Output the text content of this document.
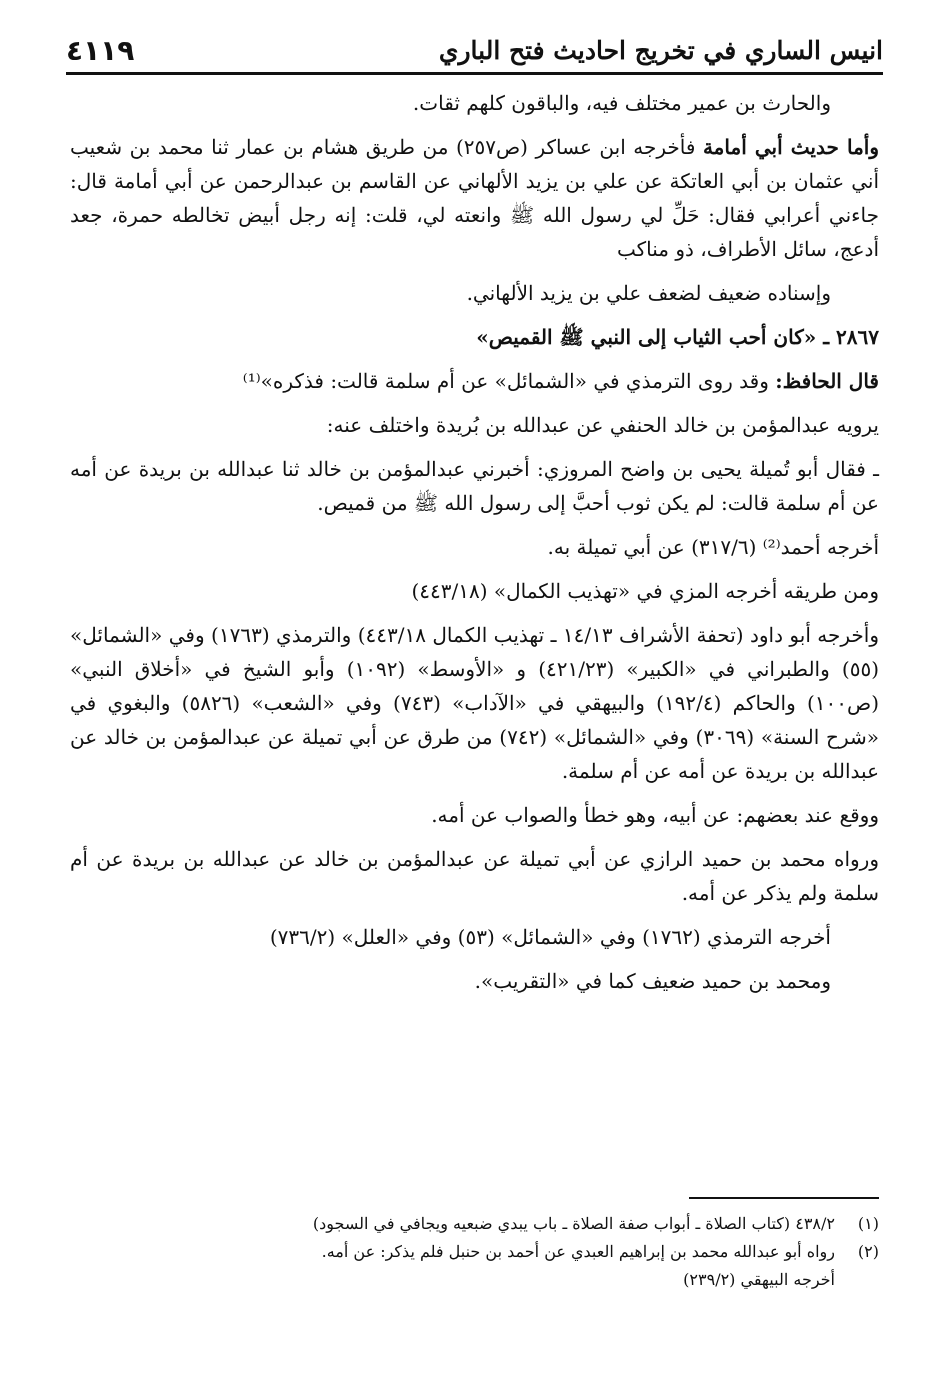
انيس الساري في تخريج احاديث فتح الباري
٤١١٩

والحارث بن عمير مختلف فيه، والباقون كلهم ثقات.

وأما حديث أبي أمامة فأخرجه ابن عساكر (ص٢٥٧) من طريق هشام بن عمار ثنا محمد بن شعيب أني عثمان بن أبي العاتكة عن علي بن يزيد الألهاني عن القاسم بن عبدالرحمن عن أبي أمامة قال: جاءني أعرابي فقال: حَلِّ لي رسول الله ﷺ وانعته لي، قلت: إنه رجل أبيض تخالطه حمرة، جعد أدعج، سائل الأطراف، ذو مناكب

وإسناده ضعيف لضعف علي بن يزيد الألهاني.

٢٨٦٧ ـ «كان أحب الثياب إلى النبي ﷺ القميص»

قال الحافظ: وقد روى الترمذي في «الشمائل» عن أم سلمة قالت: فذكره»⁽¹⁾

يرويه عبدالمؤمن بن خالد الحنفي عن عبدالله بن بُريدة واختلف عنه:

ـ فقال أبو تُميلة يحيى بن واضح المروزي: أخبرني عبدالمؤمن بن خالد ثنا عبدالله بن بريدة عن أمه عن أم سلمة قالت: لم يكن ثوب أحبَّ إلى رسول الله ﷺ من قميص.

أخرجه أحمد⁽²⁾ (٣١٧/٦) عن أبي تميلة به.

ومن طريقه أخرجه المزي في «تهذيب الكمال» (٤٤٣/١٨)

وأخرجه أبو داود (تحفة الأشراف ١٤/١٣ ـ تهذيب الكمال ٤٤٣/١٨) والترمذي (١٧٦٣) وفي «الشمائل» (٥٥) والطبراني في «الكبير» (٤٢١/٢٣) و «الأوسط» (١٠٩٢) وأبو الشيخ في «أخلاق النبي» (ص١٠٠) والحاكم (١٩٢/٤) والبيهقي في «الآداب» (٧٤٣) وفي «الشعب» (٥٨٢٦) والبغوي في «شرح السنة» (٣٠٦٩) وفي «الشمائل» (٧٤٢) من طرق عن أبي تميلة عن عبدالمؤمن بن خالد عن عبدالله بن بريدة عن أمه عن أم سلمة.

ووقع عند بعضهم: عن أبيه، وهو خطأ والصواب عن أمه.

ورواه محمد بن حميد الرازي عن أبي تميلة عن عبدالمؤمن بن خالد عن عبدالله بن بريدة عن أم سلمة ولم يذكر عن أمه.

أخرجه الترمذي (١٧٦٢) وفي «الشمائل» (٥٣) وفي «العلل» (٧٣٦/٢)

ومحمد بن حميد ضعيف كما في «التقريب».

(١)
٤٣٨/٢ (كتاب الصلاة ـ أبواب صفة الصلاة ـ باب يبدي ضبعيه ويجافي في السجود)
(٢)
رواه أبو عبدالله محمد بن إبراهيم العبدي عن أحمد بن حنبل فلم يذكر: عن أمه.
أخرجه البيهقي (٢٣٩/٢)
